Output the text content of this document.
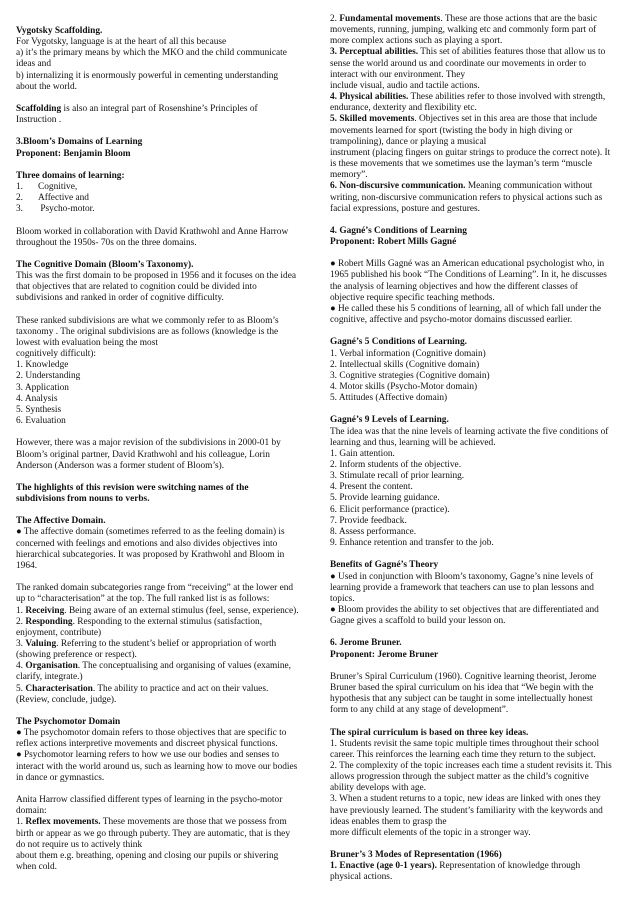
Vygotsky Scaffolding.
For Vygotsky, language is at the heart of all this because
a) it’s the primary means by which the MKO and the child communicate
ideas and
b) internalizing it is enormously powerful in cementing understanding
about the world.
Scaffolding is also an integral part of Rosenshine’s Principles of
Instruction .
3.Bloom’s Domains of Learning
Proponent: Benjamin Bloom
Three domains of learning:
1. Cognitive,
2. Affective and
3. Psycho-motor.
Bloom worked in collaboration with David Krathwohl and Anne Harrow
throughout the 1950s- 70s on the three domains.
The Cognitive Domain (Bloom’s Taxonomy).
This was the first domain to be proposed in 1956 and it focuses on the idea
that objectives that are related to cognition could be divided into
subdivisions and ranked in order of cognitive difficulty.
These ranked subdivisions are what we commonly refer to as Bloom’s
taxonomy . The original subdivisions are as follows (knowledge is the
lowest with evaluation being the most
cognitively difficult):
1. Knowledge
2. Understanding
3. Application
4. Analysis
5. Synthesis
6. Evaluation
However, there was a major revision of the subdivisions in 2000-01 by
Bloom’s original partner, David Krathwohl and his colleague, Lorin
Anderson (Anderson was a former student of Bloom’s).
The highlights of this revision were switching names of the
subdivisions from nouns to verbs.
The Affective Domain.
● The affective domain (sometimes referred to as the feeling domain) is
concerned with feelings and emotions and also divides objectives into
hierarchical subcategories. It was proposed by Krathwohl and Bloom in
1964.
The ranked domain subcategories range from “receiving” at the lower end
up to “characterisation” at the top. The full ranked list is as follows:
1. Receiving. Being aware of an external stimulus (feel, sense, experience).
2. Responding. Responding to the external stimulus (satisfaction,
enjoyment, contribute)
3. Valuing. Referring to the student’s belief or appropriation of worth
(showing preference or respect).
4. Organisation. The conceptualising and organising of values (examine,
clarify, integrate.)
5. Characterisation. The ability to practice and act on their values.
(Review, conclude, judge).
The Psychomotor Domain
● The psychomotor domain refers to those objectives that are specific to
reflex actions interpretive movements and discreet physical functions.
● Psychomotor learning refers to how we use our bodies and senses to
interact with the world around us, such as learning how to move our bodies
in dance or gymnastics.
Anita Harrow classified different types of learning in the psycho-motor
domain:
1. Reflex movements. These movements are those that we possess from
birth or appear as we go through puberty. They are automatic, that is they
do not require us to actively think
about them e.g. breathing, opening and closing our pupils or shivering
when cold.
2. Fundamental movements. These are those actions that are the basic
movements, running, jumping, walking etc and commonly form part of
more complex actions such as playing a sport.
3. Perceptual abilities. This set of abilities features those that allow us to
sense the world around us and coordinate our movements in order to
interact with our environment. They
include visual, audio and tactile actions.
4. Physical abilities. These abilities refer to those involved with strength,
endurance, dexterity and flexibility etc.
5. Skilled movements. Objectives set in this area are those that include
movements learned for sport (twisting the body in high diving or
trampolining), dance or playing a musical
instrument (placing fingers on guitar strings to produce the correct note). It
is these movements that we sometimes use the layman’s term “muscle
memory”.
6. Non-discursive communication. Meaning communication without
writing, non-discursive communication refers to physical actions such as
facial expressions, posture and gestures.
4. Gagné’s Conditions of Learning
Proponent: Robert Mills Gagné
● Robert Mills Gagné was an American educational psychologist who, in
1965 published his book “The Conditions of Learning”. In it, he discusses
the analysis of learning objectives and how the different classes of
objective require specific teaching methods.
● He called these his 5 conditions of learning, all of which fall under the
cognitive, affective and psycho-motor domains discussed earlier.
Gagné’s 5 Conditions of Learning.
1. Verbal information (Cognitive domain)
2. Intellectual skills (Cognitive domain)
3. Cognitive strategies (Cognitive domain)
4. Motor skills (Psycho-Motor domain)
5. Attitudes (Affective domain)
Gagné’s 9 Levels of Learning.
The idea was that the nine levels of learning activate the five conditions of
learning and thus, learning will be achieved.
1. Gain attention.
2. Inform students of the objective.
3. Stimulate recall of prior learning.
4. Present the content.
5. Provide learning guidance.
6. Elicit performance (practice).
7. Provide feedback.
8. Assess performance.
9. Enhance retention and transfer to the job.
Benefits of Gagné’s Theory
● Used in conjunction with Bloom’s taxonomy, Gagne’s nine levels of
learning provide a framework that teachers can use to plan lessons and
topics.
● Bloom provides the ability to set objectives that are differentiated and
Gagne gives a scaffold to build your lesson on.
6. Jerome Bruner.
Proponent: Jerome Bruner
Bruner’s Spiral Curriculum (1960). Cognitive learning theorist, Jerome
Bruner based the spiral curriculum on his idea that “We begin with the
hypothesis that any subject can be taught in some intellectually honest
form to any child at any stage of development”.
The spiral curriculum is based on three key ideas.
1. Students revisit the same topic multiple times throughout their school
career. This reinforces the learning each time they return to the subject.
2. The complexity of the topic increases each time a student revisits it. This
allows progression through the subject matter as the child’s cognitive
ability develops with age.
3. When a student returns to a topic, new ideas are linked with ones they
have previously learned. The student’s familiarity with the keywords and
ideas enables them to grasp the
more difficult elements of the topic in a stronger way.
Bruner’s 3 Modes of Representation (1966)
1. Enactive (age 0-1 years). Representation of knowledge through
physical actions.
